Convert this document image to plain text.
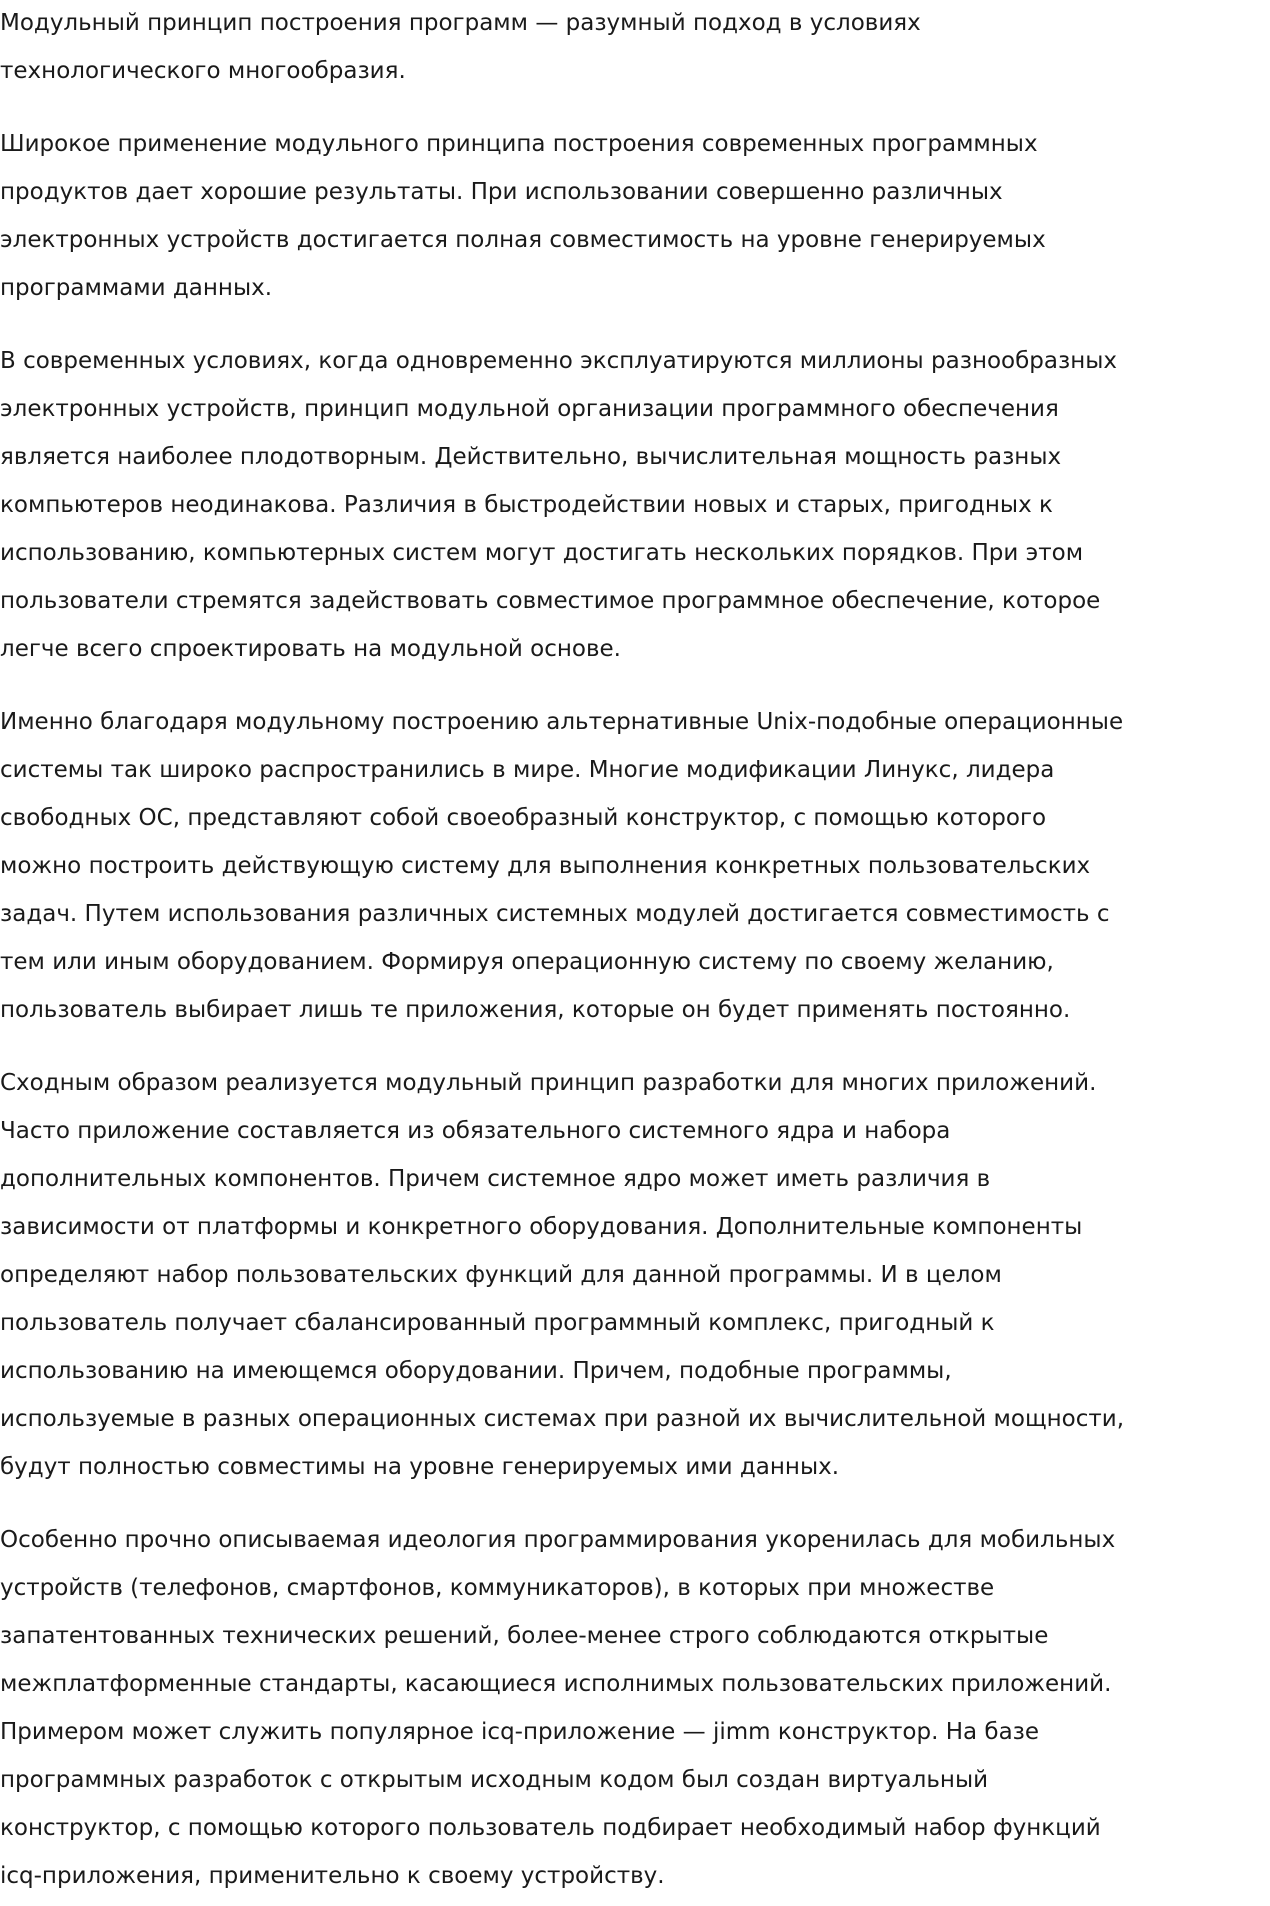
Модульный принцип построения программ — разумный подход в условиях
технологического многообразия.

Широкое применение модульного принципа построения современных программных
продуктов дает хорошие результаты. При использовании совершенно различных
электронных устройств достигается полная совместимость на уровне генерируемых
программами данных.

В современных условиях, когда одновременно эксплуатируются миллионы разнообразных
электронных устройств, принцип модульной организации программного обеспечения
является наиболее плодотворным. Действительно, вычислительная мощность разных
компьютеров неодинакова. Различия в быстродействии новых и старых, пригодных к
использованию, компьютерных систем могут достигать нескольких порядков. При этом
пользователи стремятся задействовать совместимое программное обеспечение, которое
легче всего спроектировать на модульной основе.

Именно благодаря модульному построению альтернативные Unix-подобные операционные
системы так широко распространились в мире. Многие модификации Линукс, лидера
свободных ОС, представляют собой своеобразный конструктор, с помощью которого
можно построить действующую систему для выполнения конкретных пользовательских
задач. Путем использования различных системных модулей достигается совместимость с
тем или иным оборудованием. Формируя операционную систему по своему желанию,
пользователь выбирает лишь те приложения, которые он будет применять постоянно.

Сходным образом реализуется модульный принцип разработки для многих приложений.
Часто приложение составляется из обязательного системного ядра и набора
дополнительных компонентов. Причем системное ядро может иметь различия в
зависимости от платформы и конкретного оборудования. Дополнительные компоненты
определяют набор пользовательских функций для данной программы. И в целом
пользователь получает сбалансированный программный комплекс, пригодный к
использованию на имеющемся оборудовании. Причем, подобные программы,
используемые в разных операционных системах при разной их вычислительной мощности,
будут полностью совместимы на уровне генерируемых ими данных.

Особенно прочно описываемая идеология программирования укоренилась для мобильных
устройств (телефонов, смартфонов, коммуникаторов), в которых при множестве
запатентованных технических решений, более-менее строго соблюдаются открытые
межплатформенные стандарты, касающиеся исполнимых пользовательских приложений.
Примером может служить популярное icq-приложение — jimm конструктор. На базе
программных разработок с открытым исходным кодом был создан виртуальный
конструктор, с помощью которого пользователь подбирает необходимый набор функций
icq-приложения, применительно к своему устройству.
